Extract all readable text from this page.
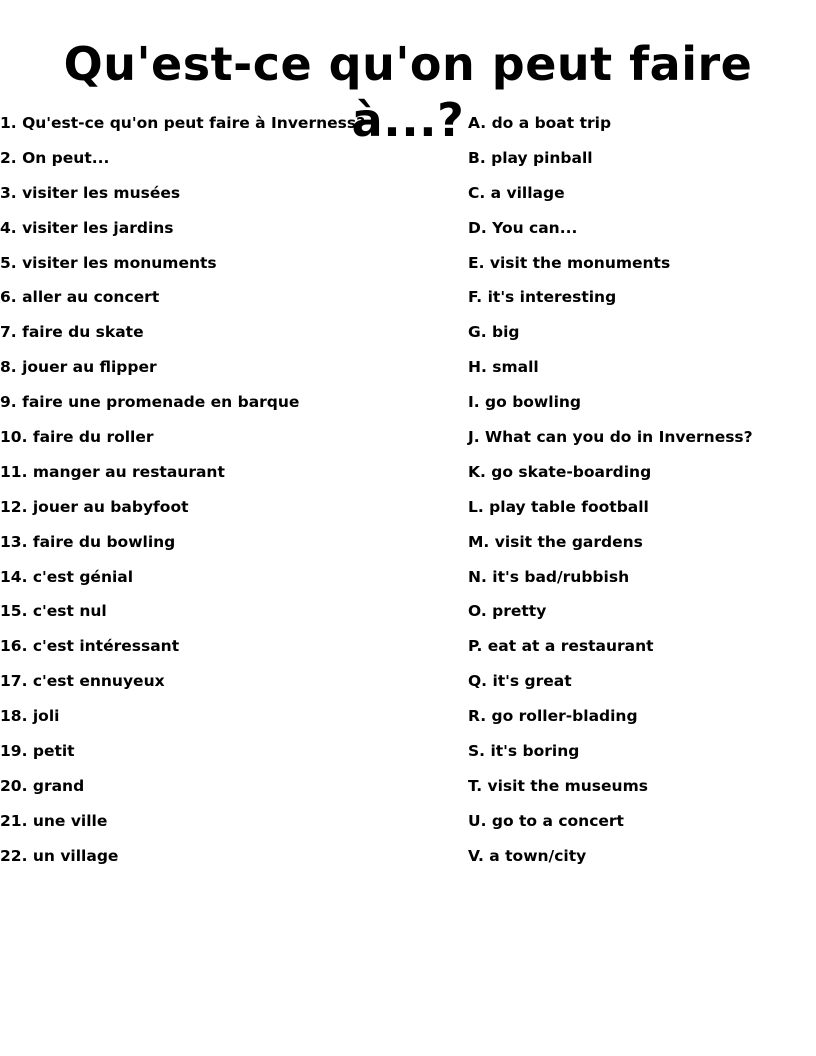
Qu'est-ce qu'on peut faire à...?
1. Qu'est-ce qu'on peut faire à Inverness?
2. On peut...
3. visiter les musées
4. visiter les jardins
5. visiter les monuments
6. aller au concert
7. faire du skate
8. jouer au flipper
9. faire une promenade en barque
10. faire du roller
11. manger au restaurant
12. jouer au babyfoot
13. faire du bowling
14. c'est génial
15. c'est nul
16. c'est intéressant
17. c'est ennuyeux
18. joli
19. petit
20. grand
21. une ville
22. un village
A. do a boat trip
B. play pinball
C. a village
D. You can...
E. visit the monuments
F. it's interesting
G. big
H. small
I. go bowling
J. What can you do in Inverness?
K. go skate-boarding
L. play table football
M. visit the gardens
N. it's bad/rubbish
O. pretty
P. eat at a restaurant
Q. it's great
R. go roller-blading
S. it's boring
T. visit the museums
U. go to a concert
V. a town/city
